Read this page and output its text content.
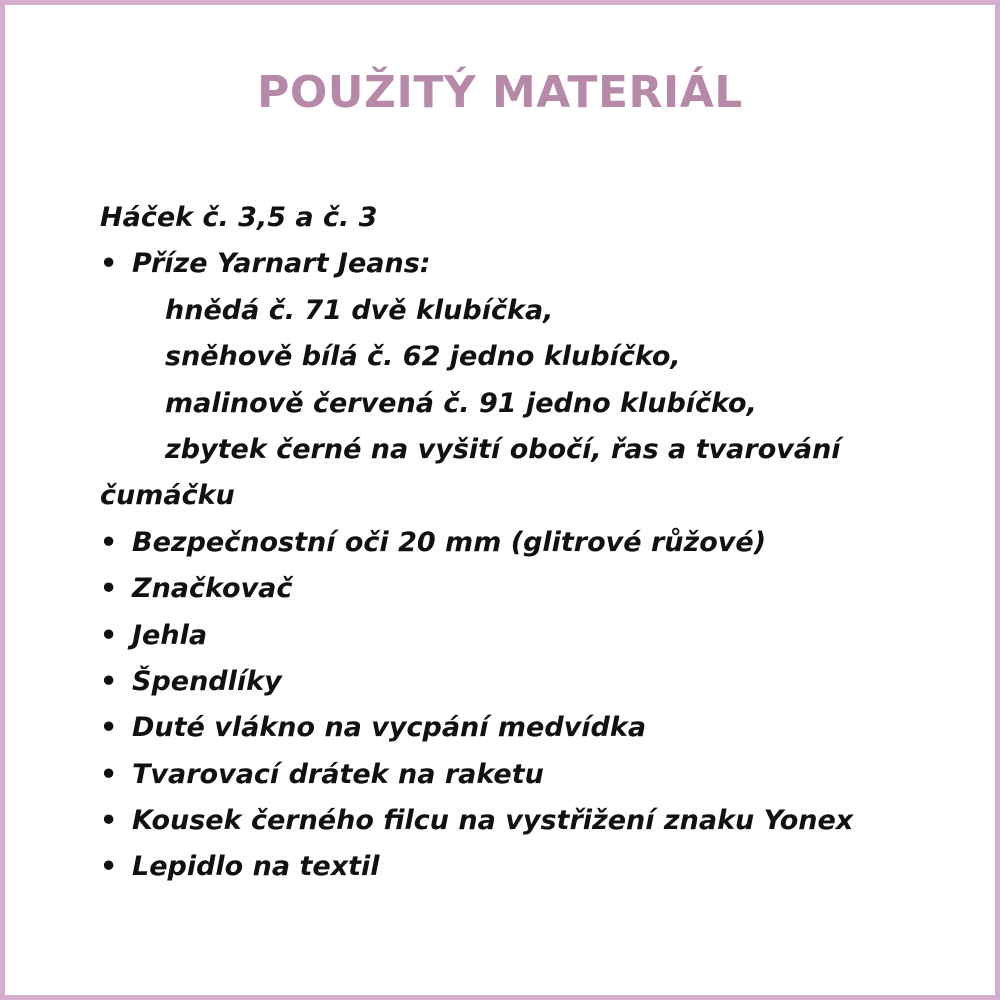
POUŽITÝ MATERIÁL
Háček č. 3,5 a č. 3
• Příze Yarnart Jeans:
hnědá č. 71 dvě klubíčka,
sněhově bílá č. 62 jedno klubíčko,
malinově červená č. 91 jedno klubíčko,
zbytek černé na vyšití obočí, řas a tvarování
čumáčku
• Bezpečnostní oči 20 mm (glitrové růžové)
• Značkovač
• Jehla
• Špendlíky
• Duté vlákno na vycpání medvídka
• Tvarovací drátek na raketu
• Kousek černého filcu na vystřižení znaku Yonex
• Lepidlo na textil
